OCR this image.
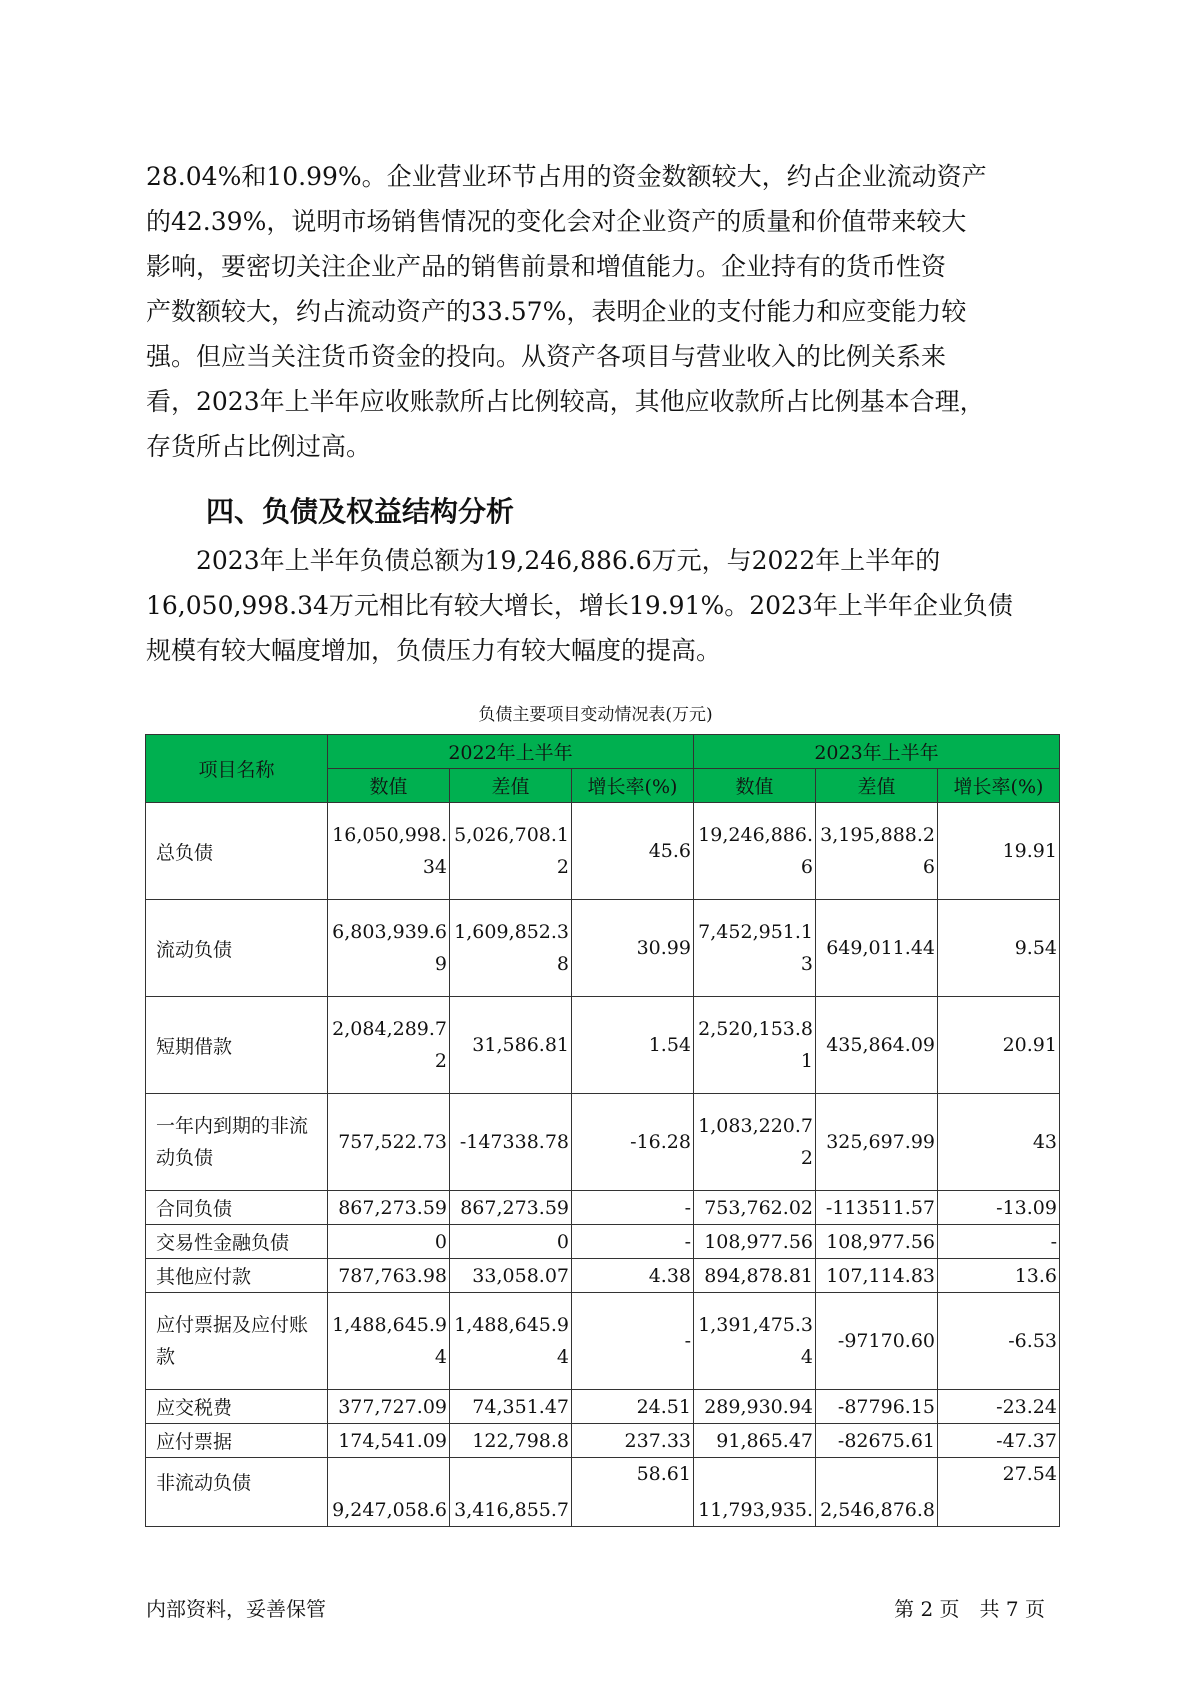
28.04%和10.99%。企业营业环节占用的资金数额较大，约占企业流动资产
的42.39%，说明市场销售情况的变化会对企业资产的质量和价值带来较大
影响，要密切关注企业产品的销售前景和增值能力。企业持有的货币性资
产数额较大，约占流动资产的33.57%，表明企业的支付能力和应变能力较
强。但应当关注货币资金的投向。从资产各项目与营业收入的比例关系来
看，2023年上半年应收账款所占比例较高，其他应收款所占比例基本合理，
存货所占比例过高。
四、负债及权益结构分析
　　2023年上半年负债总额为19,246,886.6万元，与2022年上半年的
16,050,998.34万元相比有较大增长，增长19.91%。2023年上半年企业负债
规模有较大幅度增加，负债压力有较大幅度的提高。

负债主要项目变动情况表(万元)

项目名称	2022年上半年			2023年上半年		
	数值	差值	增长率(%)	数值	差值	增长率(%)
总负债	16,050,998.34	5,026,708.12	45.6	19,246,886.6	3,195,888.26	19.91
流动负债	6,803,939.69	1,609,852.38	30.99	7,452,951.13	649,011.44	9.54
短期借款	2,084,289.72	31,586.81	1.54	2,520,153.81	435,864.09	20.91
一年内到期的非流动负债	757,522.73	-147338.78	-16.28	1,083,220.72	325,697.99	43
合同负债	867,273.59	867,273.59	-	753,762.02	-113511.57	-13.09
交易性金融负债	0	0	-	108,977.56	108,977.56	-
其他应付款	787,763.98	33,058.07	4.38	894,878.81	107,114.83	13.6
应付票据及应付账款	1,488,645.94	1,488,645.94	-	1,391,475.34	-97170.60	-6.53
应交税费	377,727.09	74,351.47	24.51	289,930.94	-87796.15	-23.24
应付票据	174,541.09	122,798.8	237.33	91,865.47	-82675.61	-47.37
非流动负债	9,247,058.6	3,416,855.7	58.61	11,793,935.	2,546,876.8	27.54

内部资料，妥善保管	第 2 页　共 7 页
